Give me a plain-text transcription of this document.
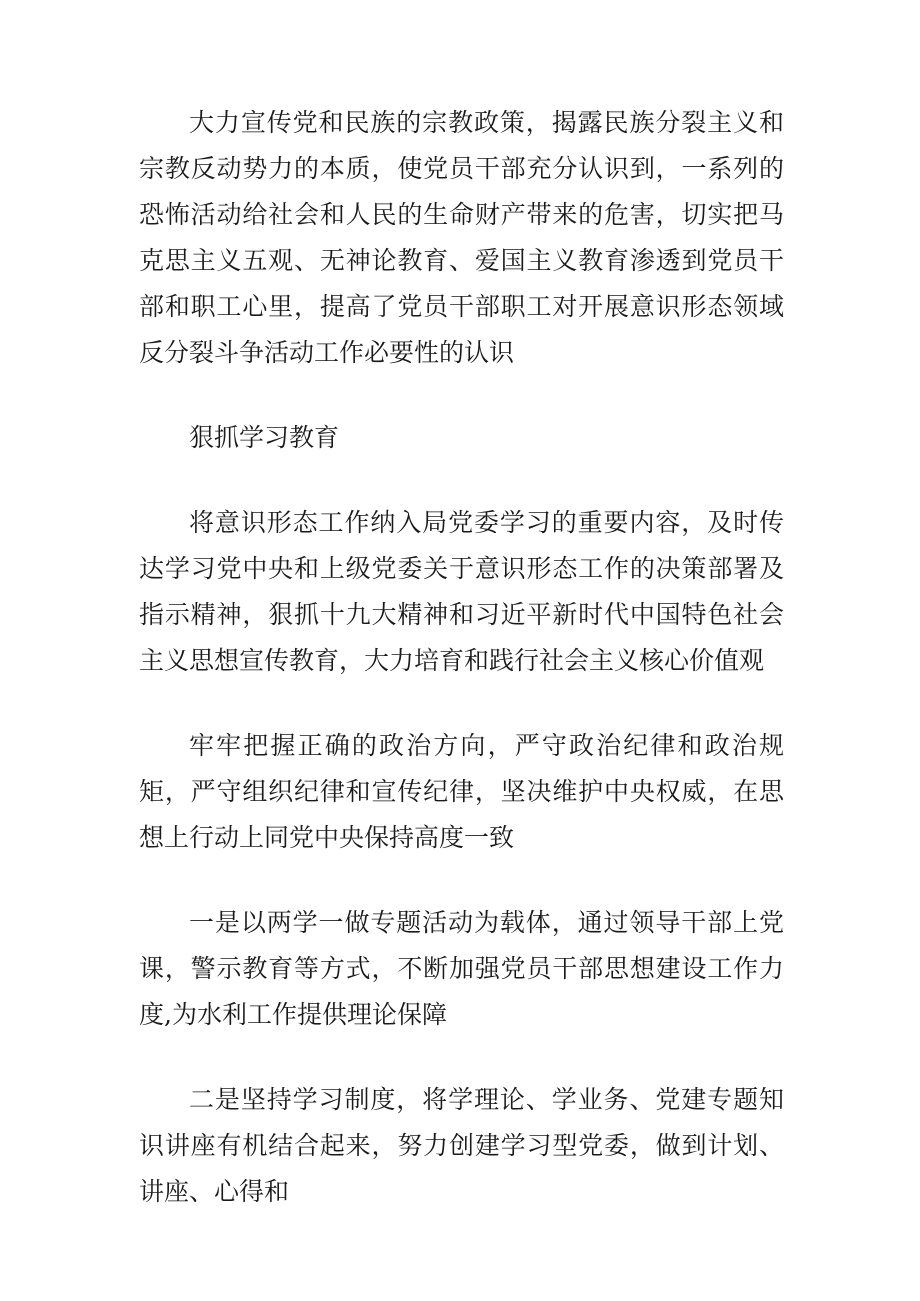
大力宣传党和民族的宗教政策，揭露民族分裂主义和宗教反动势力的本质，使党员干部充分认识到，一系列的恐怖活动给社会和人民的生命财产带来的危害，切实把马克思主义五观、无神论教育、爱国主义教育渗透到党员干部和职工心里，提高了党员干部职工对开展意识形态领域反分裂斗争活动工作必要性的认识

狠抓学习教育

将意识形态工作纳入局党委学习的重要内容，及时传达学习党中央和上级党委关于意识形态工作的决策部署及指示精神，狠抓十九大精神和习近平新时代中国特色社会主义思想宣传教育，大力培育和践行社会主义核心价值观

牢牢把握正确的政治方向，严守政治纪律和政治规矩，严守组织纪律和宣传纪律，坚决维护中央权威，在思想上行动上同党中央保持高度一致

一是以两学一做专题活动为载体，通过领导干部上党课，警示教育等方式，不断加强党员干部思想建设工作力度,为水利工作提供理论保障

二是坚持学习制度，将学理论、学业务、党建专题知识讲座有机结合起来，努力创建学习型党委，做到计划、讲座、心得和
